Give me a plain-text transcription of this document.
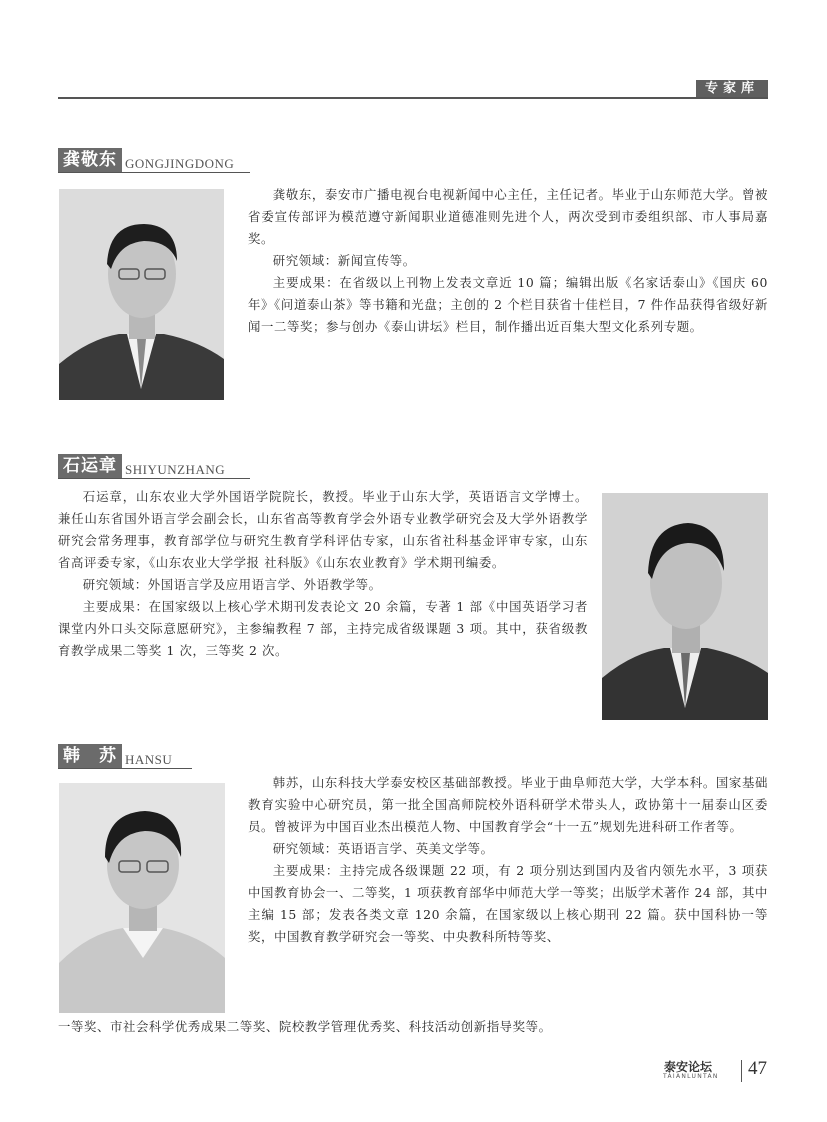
专家库
龚敬东 GONGJINGDONG

龚敬东，泰安市广播电视台电视新闻中心主任，主任记者。毕业于山东师范大学。曾被省委宣传部评为模范遵守新闻职业道德准则先进个人，两次受到市委组织部、市人事局嘉奖。

研究领域：新闻宣传等。

主要成果：在省级以上刊物上发表文章近 10 篇；编辑出版《名家话泰山》《国庆 60 年》《问道泰山茶》等书籍和光盘；主创的 2 个栏目获省十佳栏目，7 件作品获得省级好新闻一二等奖；参与创办《泰山讲坛》栏目，制作播出近百集大型文化系列专题。

石运章 SHIYUNZHANG

石运章，山东农业大学外国语学院院长，教授。毕业于山东大学，英语语言文学博士。兼任山东省国外语言学会副会长，山东省高等教育学会外语专业教学研究会及大学外语教学研究会常务理事，教育部学位与研究生教育学科评估专家，山东省社科基金评审专家，山东省高评委专家，《山东农业大学学报 社科版》《山东农业教育》学术期刊编委。

研究领域：外国语言学及应用语言学、外语教学等。

主要成果：在国家级以上核心学术期刊发表论文 20 余篇，专著 1 部《中国英语学习者课堂内外口头交际意愿研究》，主参编教程 7 部，主持完成省级课题 3 项。其中，获省级教育教学成果二等奖 1 次，三等奖 2 次。

韩　苏 HANSU

韩苏，山东科技大学泰安校区基础部教授。毕业于曲阜师范大学，大学本科。国家基础教育实验中心研究员，第一批全国高师院校外语科研学术带头人，政协第十一届泰山区委员。曾被评为中国百业杰出模范人物、中国教育学会“十一五”规划先进科研工作者等。

研究领域：英语语言学、英美文学等。

主要成果：主持完成各级课题 22 项，有 2 项分别达到国内及省内领先水平，3 项获中国教育协会一、二等奖，1 项获教育部华中师范大学一等奖；出版学术著作 24 部，其中主编 15 部；发表各类文章 120 余篇，在国家级以上核心期刊 22 篇。获中国科协一等奖，中国教育教学研究会一等奖、中央教科所特等奖、

一等奖、市社会科学优秀成果二等奖、院校教学管理优秀奖、科技活动创新指导奖等。

泰安论坛
TAIANLUNTAN 47
